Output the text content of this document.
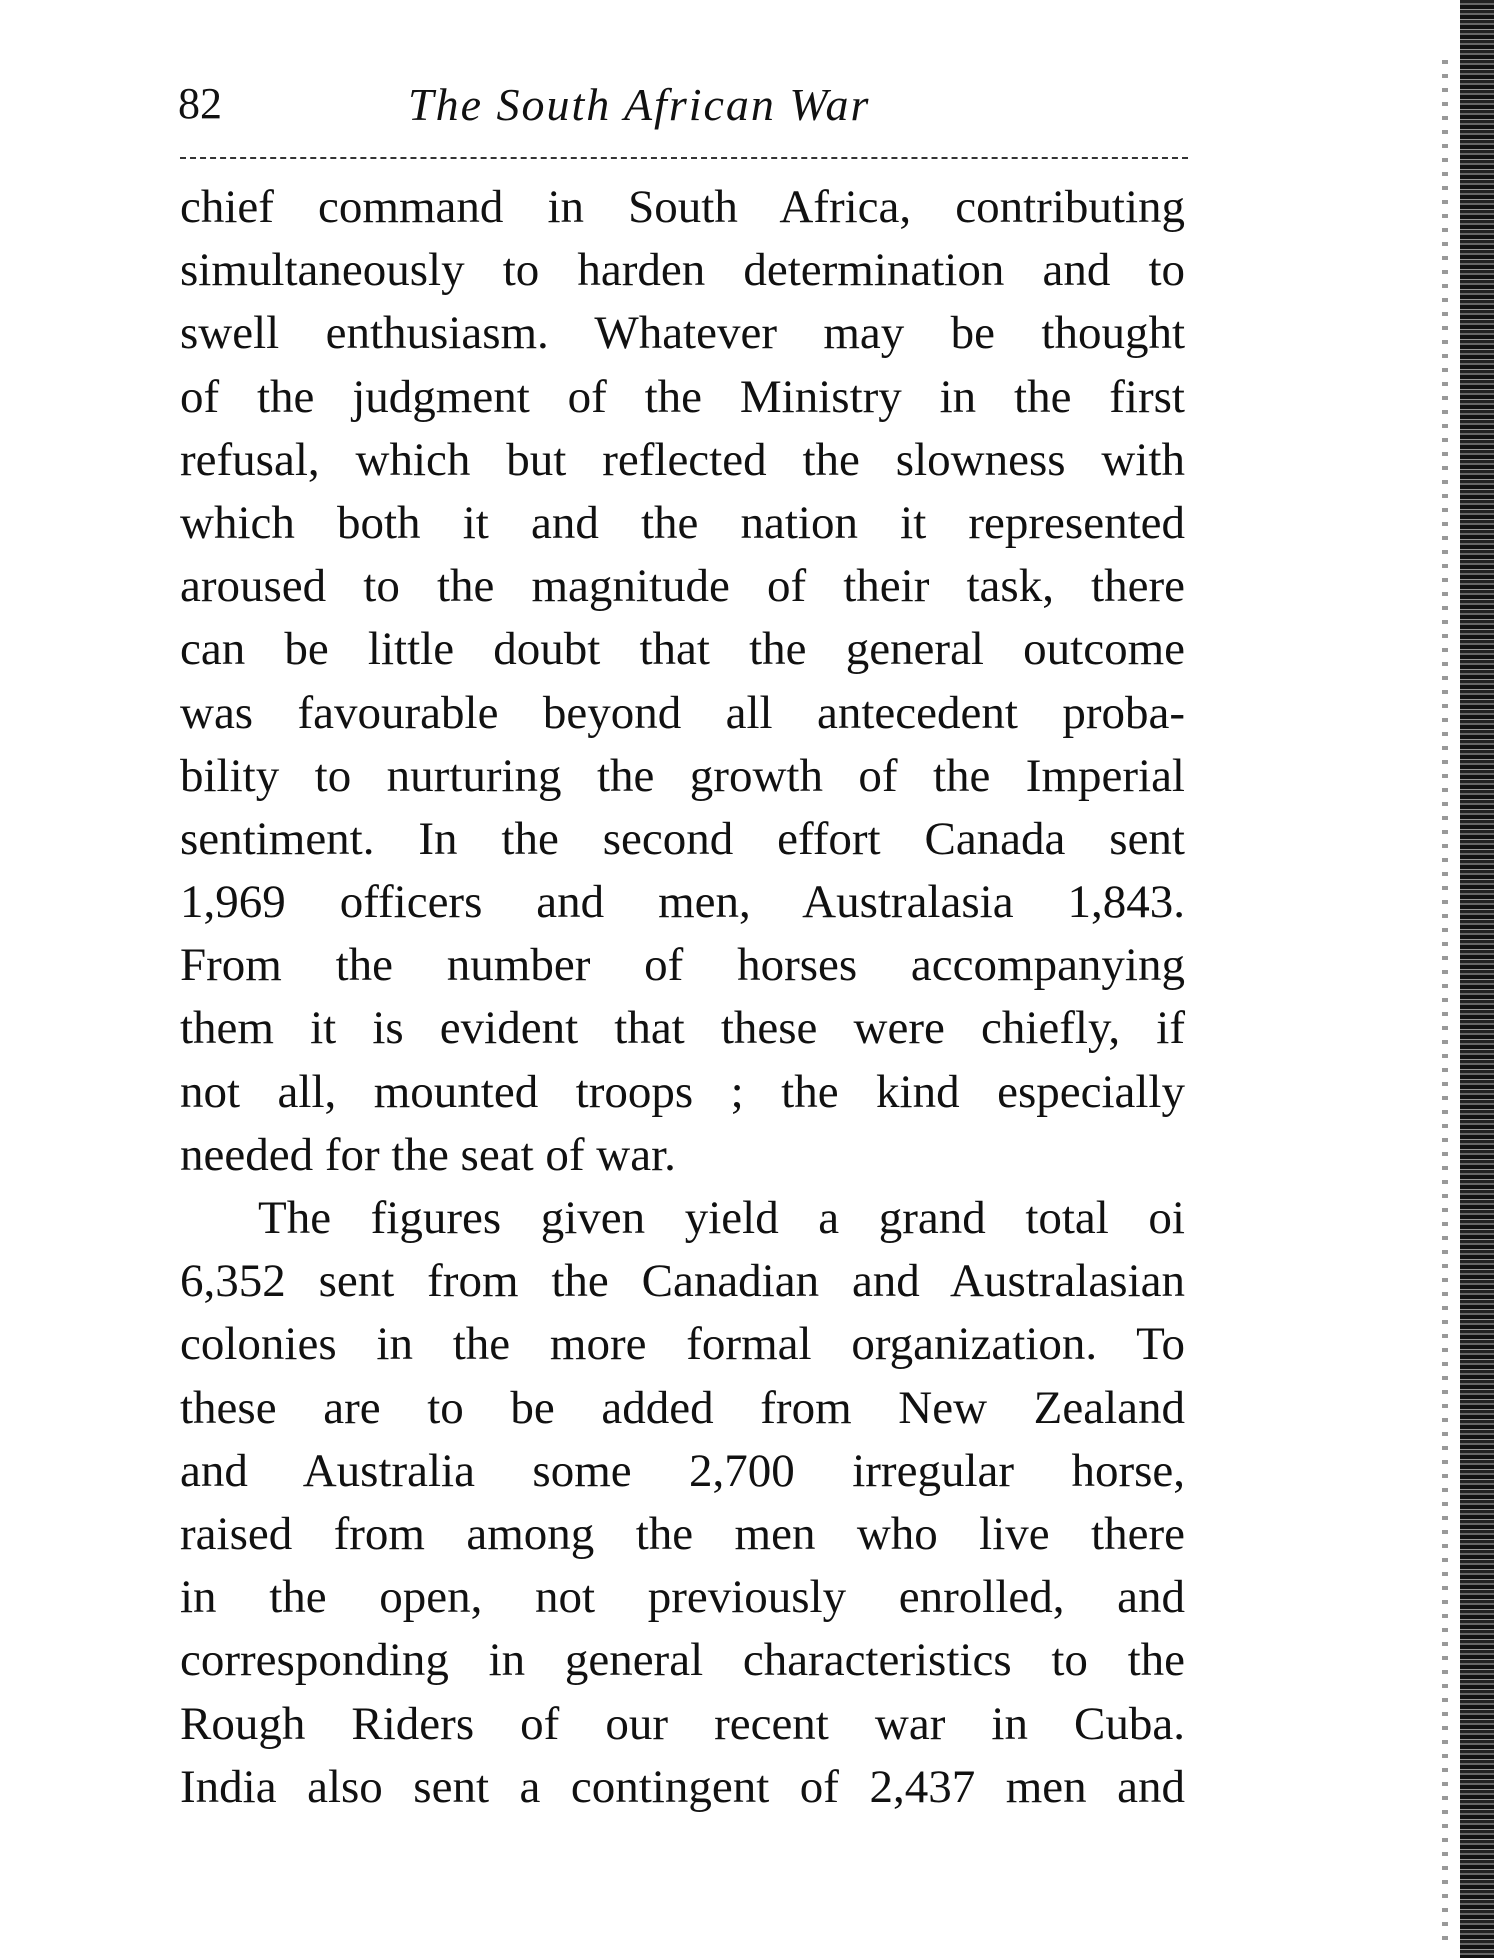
82	The South African War
chief command in South Africa, contributing
simultaneously to harden determination and to
swell enthusiasm. Whatever may be thought
of the judgment of the Ministry in the first
refusal, which but reflected the slowness with
which both it and the nation it represented
aroused to the magnitude of their task, there
can be little doubt that the general outcome
was favourable beyond all antecedent proba-
bility to nurturing the growth of the Imperial
sentiment. In the second effort Canada sent
1,969 officers and men, Australasia 1,843.
From the number of horses accompanying
them it is evident that these were chiefly, if
not all, mounted troops ; the kind especially
needed for the seat of war.
The figures given yield a grand total oi
6,352 sent from the Canadian and Australasian
colonies in the more formal organization. To
these are to be added from New Zealand
and Australia some 2,700 irregular horse,
raised from among the men who live there
in the open, not previously enrolled, and
corresponding in general characteristics to the
Rough Riders of our recent war in Cuba.
India also sent a contingent of 2,437 men and
